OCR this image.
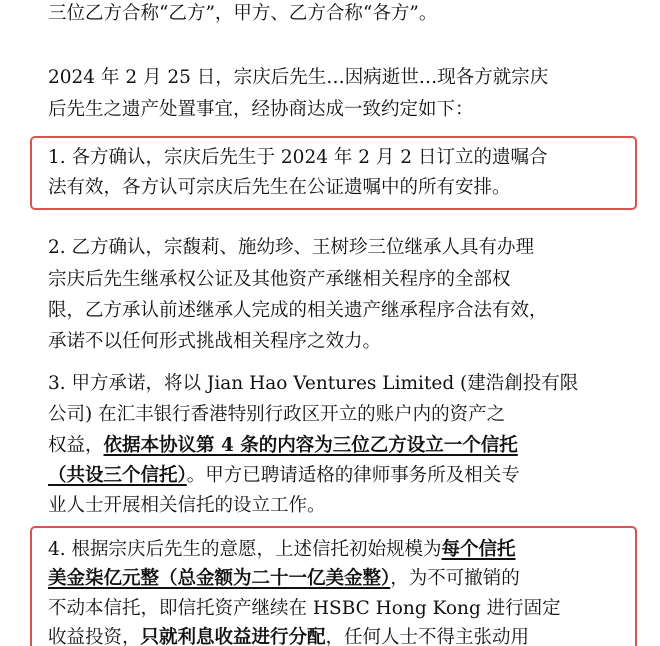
三位乙方合称“乙方”，甲方、乙方合称“各方”。
2024 年 2 月 25 日，宗庆后先生…因病逝世…现各方就宗庆
后先生之遗产处置事宜，经协商达成一致约定如下：
1. 各方确认，宗庆后先生于 2024 年 2 月 2 日订立的遗嘱合
法有效，各方认可宗庆后先生在公证遗嘱中的所有安排。
2. 乙方确认，宗馥莉、施幼珍、王树珍三位继承人具有办理
宗庆后先生继承权公证及其他资产承继相关程序的全部权
限，乙方承认前述继承人完成的相关遗产继承程序合法有效，
承诺不以任何形式挑战相关程序之效力。
3. 甲方承诺，将以 Jian Hao Ventures Limited (建浩創投有限
公司) 在汇丰银行香港特别行政区开立的账户内的资产之
权益，依据本协议第 4 条的内容为三位乙方设立一个信托
（共设三个信托）。甲方已聘请适格的律师事务所及相关专
业人士开展相关信托的设立工作。
4. 根据宗庆后先生的意愿，上述信托初始规模为每个信托
美金柒亿元整（总金额为二十一亿美金整），为不可撤销的
不动本信托，即信托资产继续在 HSBC Hong Kong 进行固定
收益投资，只就利息收益进行分配，任何人士不得主张动用
